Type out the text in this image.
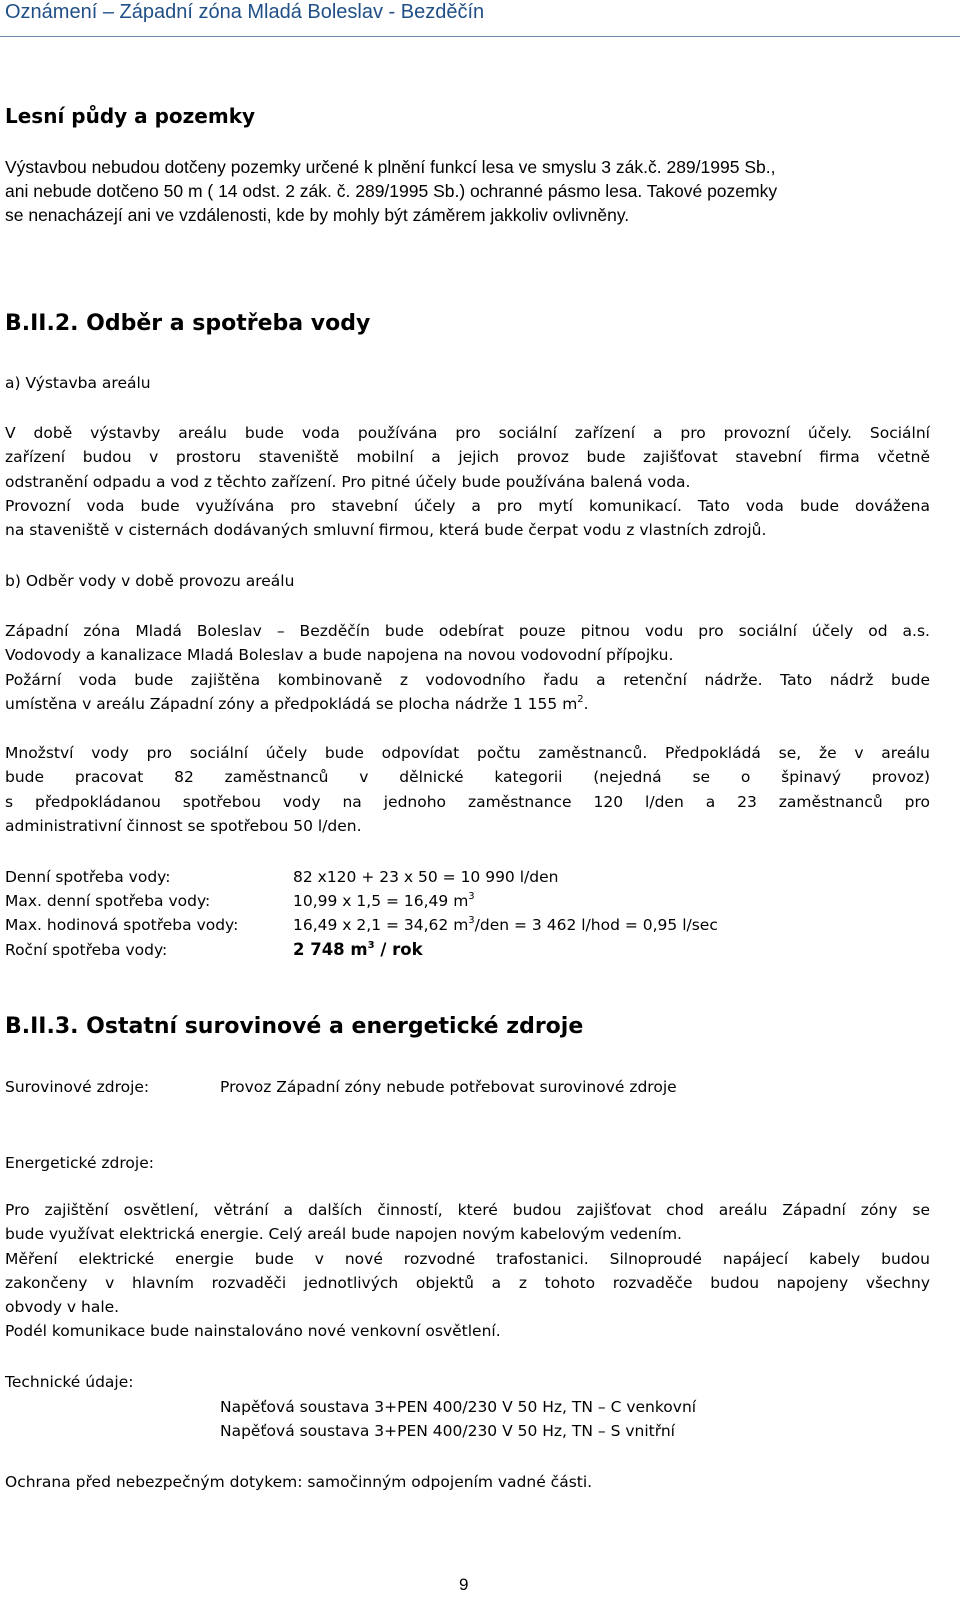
Oznámení – Západní zóna Mladá Boleslav - Bezděčín
Lesní půdy a pozemky
Výstavbou nebudou dotčeny pozemky určené k plnění funkcí lesa ve smyslu 3 zák.č. 289/1995 Sb.,
ani nebude dotčeno 50 m ( 14 odst. 2 zák. č. 289/1995 Sb.) ochranné pásmo lesa. Takové pozemky
se nenacházejí ani ve vzdálenosti, kde by mohly být záměrem jakkoliv ovlivněny.
B.II.2. Odběr a spotřeba vody
a) Výstavba areálu
V době výstavby areálu bude voda používána pro sociální zařízení a pro provozní účely. Sociální
zařízení budou v prostoru staveniště mobilní a jejich provoz bude zajišťovat stavební firma včetně
odstranění odpadu a vod z těchto zařízení. Pro pitné účely bude používána balená voda.
Provozní voda bude využívána pro stavební účely a pro mytí komunikací. Tato voda bude dovážena
na staveniště v cisternách dodávaných smluvní firmou, která bude čerpat vodu z vlastních zdrojů.
b) Odběr vody v době provozu areálu
Západní zóna Mladá Boleslav – Bezděčín bude odebírat pouze pitnou vodu pro sociální účely od a.s.
Vodovody a kanalizace Mladá Boleslav a bude napojena na novou vodovodní přípojku.
Požární voda bude zajištěna kombinovaně z vodovodního řadu a retenční nádrže. Tato nádrž bude
umístěna v areálu Západní zóny a předpokládá se plocha nádrže 1 155 $m^2$.
Množství vody pro sociální účely bude odpovídat počtu zaměstnanců. Předpokládá se, že v areálu
bude pracovat 82 zaměstnanců v dělnické kategorii (nejedná se o špinavý provoz)
s předpokládanou spotřebou vody na jednoho zaměstnance 120 l/den a 23 zaměstnanců pro
administrativní činnost se spotřebou 50 l/den.
Denní spotřeba vody:	82 x120 + 23 x 50 = 10 990 l/den
Max. denní spotřeba vody:	10,99 x 1,5 = 16,49 $m^3$
Max. hodinová spotřeba vody:	16,49 x 2,1 = 34,62 $m^3$/den = 3 462 l/hod = 0,95 l/sec
Roční spotřeba vody:	2 748 $m^3$ / rok
B.II.3. Ostatní surovinové a energetické zdroje
Surovinové zdroje:	Provoz Západní zóny nebude potřebovat surovinové zdroje
Energetické zdroje:
Pro zajištění osvětlení, větrání a dalších činností, které budou zajišťovat chod areálu Západní zóny se
bude využívat elektrická energie. Celý areál bude napojen novým kabelovým vedením.
Měření elektrické energie bude v nové rozvodné trafostanici. Silnoproudé napájecí kabely budou
zakončeny v hlavním rozvaděči jednotlivých objektů a z tohoto rozvaděče budou napojeny všechny
obvody v hale.
Podél komunikace bude nainstalováno nové venkovní osvětlení.
Technické údaje:
Napěťová soustava 3+PEN 400/230 V 50 Hz, TN – C venkovní
Napěťová soustava 3+PEN 400/230 V 50 Hz, TN – S vnitřní
Ochrana před nebezpečným dotykem: samočinným odpojením vadné části.
9
